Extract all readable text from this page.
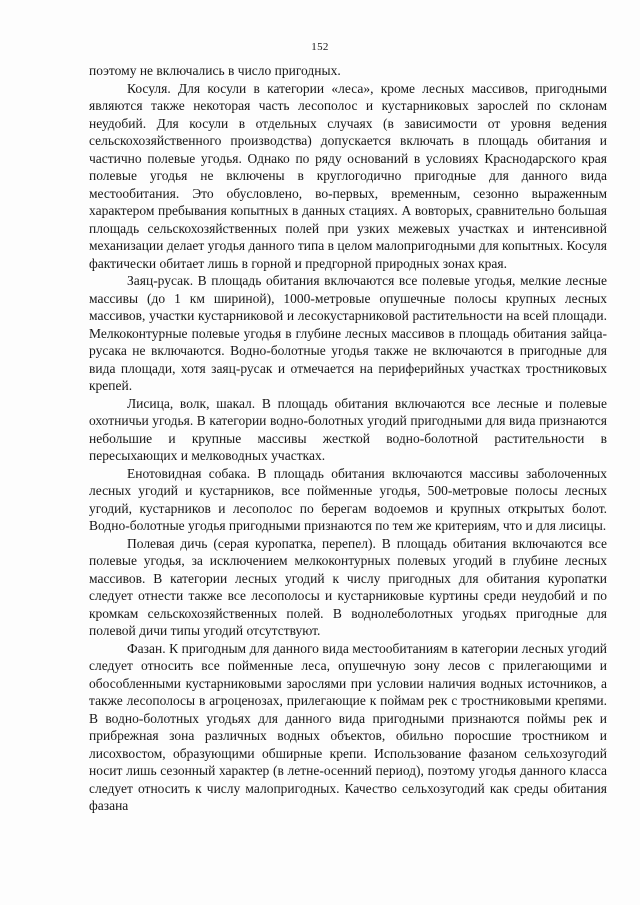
152

поэтому не включались в число пригодных.

Косуля. Для косули в категории «леса», кроме лесных массивов, пригодными являются также некоторая часть лесополос и кустарниковых зарослей по склонам неудобий. Для косули в отдельных случаях (в зависимости от уровня ведения сельскохозяйственного производства) допускается включать в площадь обитания и частично полевые угодья. Однако по ряду оснований в условиях Краснодарского края полевые угодья не включены в круглогодично пригодные для данного вида местообитания. Это обусловлено, во-первых, временным, сезонно выраженным характером пребывания копытных в данных стациях. А вовторых, сравнительно большая площадь сельскохозяйственных полей при узких межевых участках и интенсивной механизации делает угодья данного типа в целом малопригодными для копытных. Косуля фактически обитает лишь в горной и предгорной природных зонах края.

Заяц-русак. В площадь обитания включаются все полевые угодья, мелкие лесные массивы (до 1 км шириной), 1000-метровые опушечные полосы крупных лесных массивов, участки кустарниковой и лесокустарниковой растительности на всей площади. Мелкоконтурные полевые угодья в глубине лесных массивов в площадь обитания зайца-русака не включаются. Водно-болотные угодья также не включаются в пригодные для вида площади, хотя заяц-русак и отмечается на периферийных участках тростниковых крепей.

Лисица, волк, шакал. В площадь обитания включаются все лесные и полевые охотничьи угодья. В категории водно-болотных угодий пригодными для вида признаются небольшие и крупные массивы жесткой водно-болотной растительности в пересыхающих и мелководных участках.

Енотовидная собака. В площадь обитания включаются массивы заболоченных лесных угодий и кустарников, все пойменные угодья, 500-метровые полосы лесных угодий, кустарников и лесополос по берегам водоемов и крупных открытых болот. Водно-болотные угодья пригодными признаются по тем же критериям, что и для лисицы.

Полевая дичь (серая куропатка, перепел). В площадь обитания включаются все полевые угодья, за исключением мелкоконтурных полевых угодий в глубине лесных массивов. В категории лесных угодий к числу пригодных для обитания куропатки следует отнести также все лесополосы и кустарниковые куртины среди неудобий и по кромкам сельскохозяйственных полей. В воднолеболотных угодьях пригодные для полевой дичи типы угодий отсутствуют.

Фазан. К пригодным для данного вида местообитаниям в категории лесных угодий следует относить все пойменные леса, опушечную зону лесов с прилегающими и обособленными кустарниковыми зарослями при условии наличия водных источников, а также лесополосы в агроценозах, прилегающие к поймам рек с тростниковыми крепями. В водно-болотных угодьях для данного вида пригодными признаются поймы рек и прибрежная зона различных водных объектов, обильно поросшие тростником и лисохвостом, образующими обширные крепи. Использование фазаном сельхозугодий носит лишь сезонный характер (в летне-осенний период), поэтому угодья данного класса следует относить к числу малопригодных. Качество сельхозугодий как среды обитания фазана
